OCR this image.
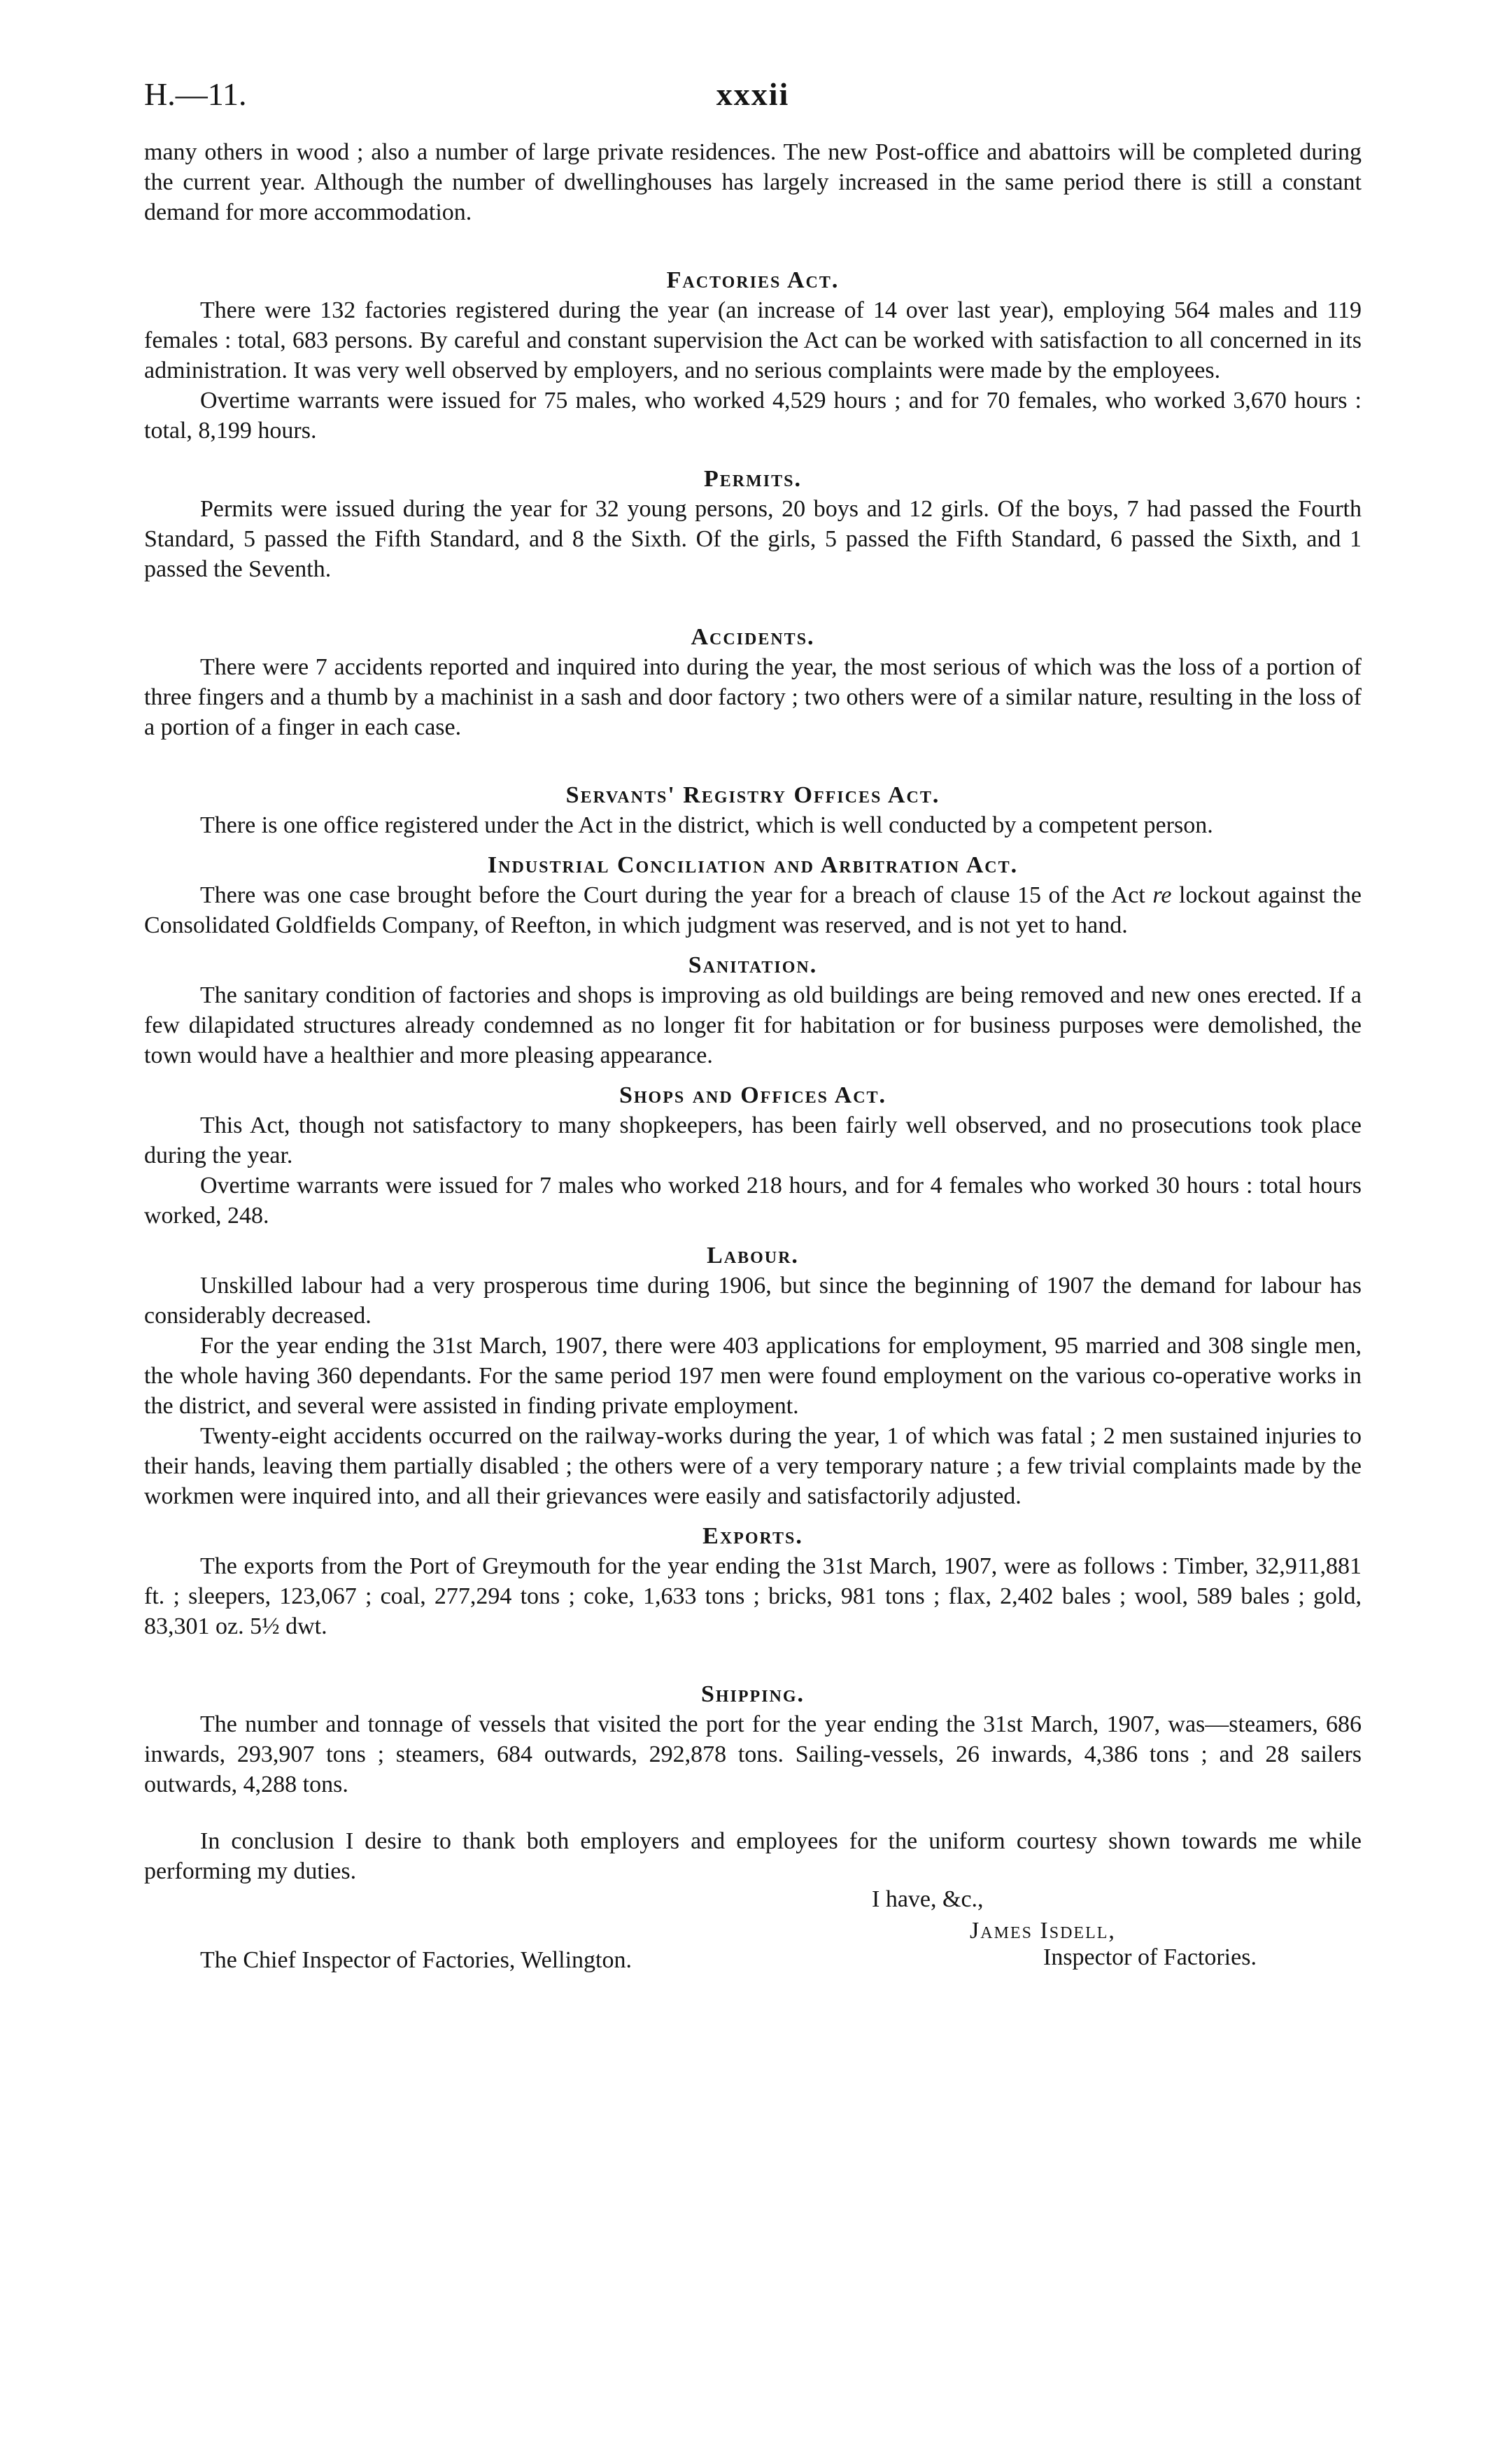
H.—11.	xxxii

many others in wood ; also a number of large private residences. The new Post-office and abattoirs will be completed during the current year. Although the number of dwellinghouses has largely increased in the same period there is still a constant demand for more accommodation.

Factories Act.

There were 132 factories registered during the year (an increase of 14 over last year), employing 564 males and 119 females : total, 683 persons. By careful and constant supervision the Act can be worked with satisfaction to all concerned in its administration. It was very well observed by employers, and no serious complaints were made by the employees.

Overtime warrants were issued for 75 males, who worked 4,529 hours ; and for 70 females, who worked 3,670 hours : total, 8,199 hours.

Permits.

Permits were issued during the year for 32 young persons, 20 boys and 12 girls. Of the boys, 7 had passed the Fourth Standard, 5 passed the Fifth Standard, and 8 the Sixth. Of the girls, 5 passed the Fifth Standard, 6 passed the Sixth, and 1 passed the Seventh.

Accidents.

There were 7 accidents reported and inquired into during the year, the most serious of which was the loss of a portion of three fingers and a thumb by a machinist in a sash and door factory ; two others were of a similar nature, resulting in the loss of a portion of a finger in each case.

Servants' Registry Offices Act.

There is one office registered under the Act in the district, which is well conducted by a competent person.

Industrial Conciliation and Arbitration Act.

There was one case brought before the Court during the year for a breach of clause 15 of the Act re lockout against the Consolidated Goldfields Company, of Reefton, in which judgment was reserved, and is not yet to hand.

Sanitation.

The sanitary condition of factories and shops is improving as old buildings are being removed and new ones erected. If a few dilapidated structures already condemned as no longer fit for habitation or for business purposes were demolished, the town would have a healthier and more pleasing appearance.

Shops and Offices Act.

This Act, though not satisfactory to many shopkeepers, has been fairly well observed, and no prosecutions took place during the year.

Overtime warrants were issued for 7 males who worked 218 hours, and for 4 females who worked 30 hours : total hours worked, 248.

Labour.

Unskilled labour had a very prosperous time during 1906, but since the beginning of 1907 the demand for labour has considerably decreased.

For the year ending the 31st March, 1907, there were 403 applications for employment, 95 married and 308 single men, the whole having 360 dependants. For the same period 197 men were found employment on the various co-operative works in the district, and several were assisted in finding private employment.

Twenty-eight accidents occurred on the railway-works during the year, 1 of which was fatal ; 2 men sustained injuries to their hands, leaving them partially disabled ; the others were of a very temporary nature ; a few trivial complaints made by the workmen were inquired into, and all their grievances were easily and satisfactorily adjusted.

Exports.

The exports from the Port of Greymouth for the year ending the 31st March, 1907, were as follows : Timber, 32,911,881 ft. ; sleepers, 123,067 ; coal, 277,294 tons ; coke, 1,633 tons ; bricks, 981 tons ; flax, 2,402 bales ; wool, 589 bales ; gold, 83,301 oz. 5½ dwt.

Shipping.

The number and tonnage of vessels that visited the port for the year ending the 31st March, 1907, was—steamers, 686 inwards, 293,907 tons ; steamers, 684 outwards, 292,878 tons. Sailing-vessels, 26 inwards, 4,386 tons ; and 28 sailers outwards, 4,288 tons.

In conclusion I desire to thank both employers and employees for the uniform courtesy shown towards me while performing my duties.

I have, &c.,
James Isdell,
The Chief Inspector of Factories, Wellington.	Inspector of Factories.
